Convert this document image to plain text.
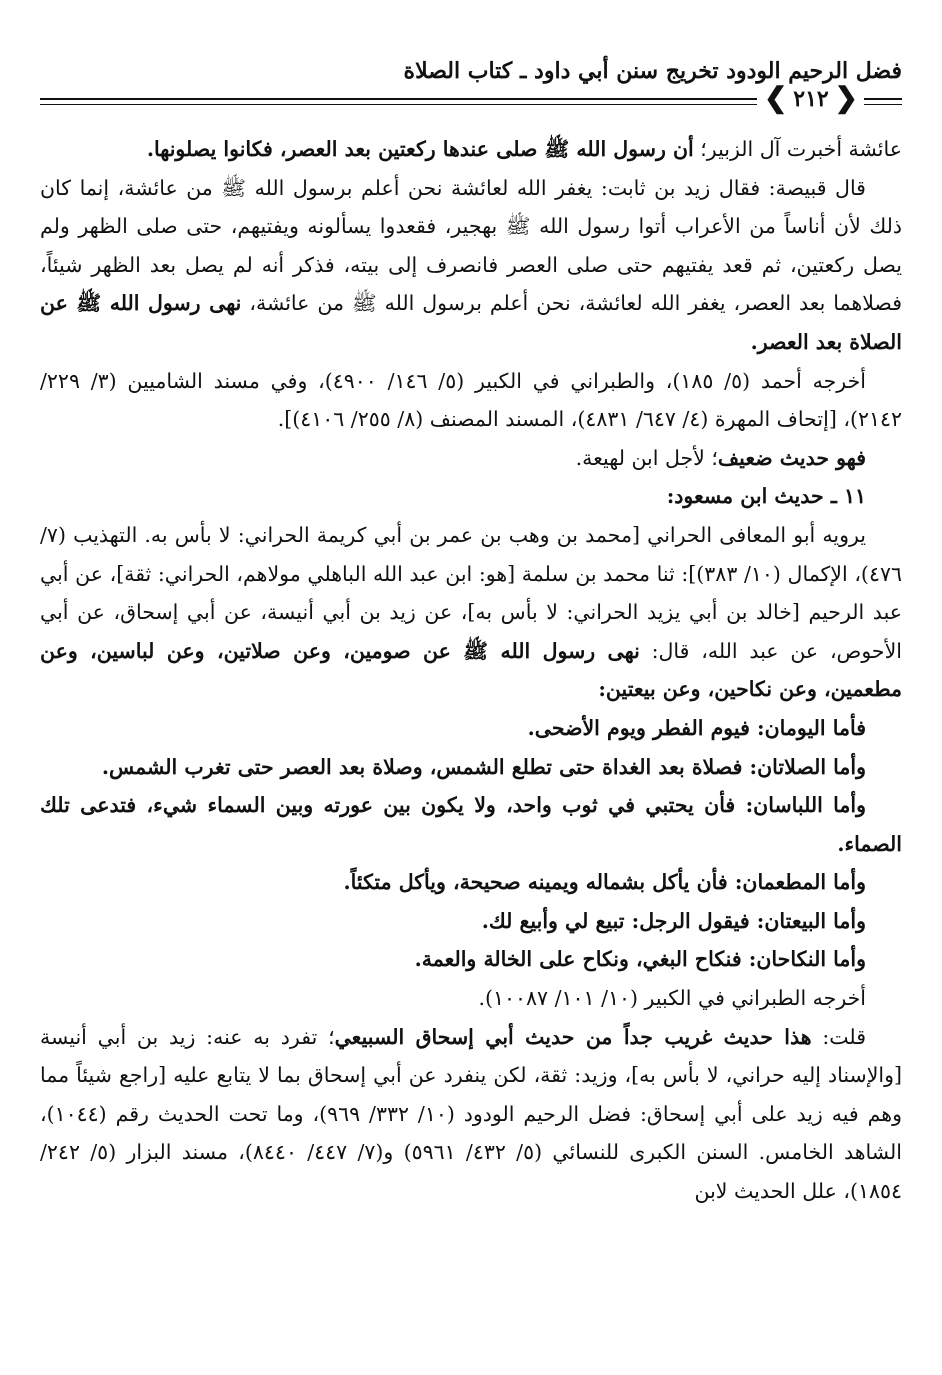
فضل الرحيم الودود تخريج سنن أبي داود ـ كتاب الصلاة
❮
٢١٢
❯

عائشة أخبرت آل الزبير؛ أن رسول الله ﷺ صلى عندها ركعتين بعد العصر، فكانوا يصلونها.

قال قبيصة: فقال زيد بن ثابت: يغفر الله لعائشة نحن أعلم برسول الله ﷺ من عائشة، إنما كان ذلك لأن أناساً من الأعراب أتوا رسول الله ﷺ بهجير، فقعدوا يسألونه ويفتيهم، حتى صلى الظهر ولم يصل ركعتين، ثم قعد يفتيهم حتى صلى العصر فانصرف إلى بيته، فذكر أنه لم يصل بعد الظهر شيئاً، فصلاهما بعد العصر، يغفر الله لعائشة، نحن أعلم برسول الله ﷺ من عائشة، نهى رسول الله ﷺ عن الصلاة بعد العصر.

أخرجه أحمد (٥/ ١٨٥)، والطبراني في الكبير (٥/ ١٤٦/ ٤٩٠٠)، وفي مسند الشاميين (٣/ ٢٢٩/ ٢١٤٢)، [إتحاف المهرة (٤/ ٦٤٧/ ٤٨٣١)، المسند المصنف (٨/ ٢٥٥/ ٤١٠٦)].

فهو حديث ضعيف؛ لأجل ابن لهيعة.

١١ ـ حديث ابن مسعود:

يرويه أبو المعافى الحراني [محمد بن وهب بن عمر بن أبي كريمة الحراني: لا بأس به. التهذيب (٧/ ٤٧٦)، الإكمال (١٠/ ٣٨٣)]: ثنا محمد بن سلمة [هو: ابن عبد الله الباهلي مولاهم، الحراني: ثقة]، عن أبي عبد الرحيم [خالد بن أبي يزيد الحراني: لا بأس به]، عن زيد بن أبي أنيسة، عن أبي إسحاق، عن أبي الأحوص، عن عبد الله، قال: نهى رسول الله ﷺ عن صومين، وعن صلاتين، وعن لباسين، وعن مطعمين، وعن نكاحين، وعن بيعتين:

فأما اليومان: فيوم الفطر ويوم الأضحى.

وأما الصلاتان: فصلاة بعد الغداة حتى تطلع الشمس، وصلاة بعد العصر حتى تغرب الشمس.

وأما اللباسان: فأن يحتبي في ثوب واحد، ولا يكون بين عورته وبين السماء شيء، فتدعى تلك الصماء.

وأما المطعمان: فأن يأكل بشماله ويمينه صحيحة، ويأكل متكئاً.

وأما البيعتان: فيقول الرجل: تبيع لي وأبيع لك.

وأما النكاحان: فنكاح البغي، ونكاح على الخالة والعمة.

أخرجه الطبراني في الكبير (١٠/ ١٠١/ ١٠٠٨٧).

قلت: هذا حديث غريب جداً من حديث أبي إسحاق السبيعي؛ تفرد به عنه: زيد بن أبي أنيسة [والإسناد إليه حراني، لا بأس به]، وزيد: ثقة، لكن ينفرد عن أبي إسحاق بما لا يتابع عليه [راجع شيئاً مما وهم فيه زيد على أبي إسحاق: فضل الرحيم الودود (١٠/ ٣٣٢/ ٩٦٩)، وما تحت الحديث رقم (١٠٤٤)، الشاهد الخامس. السنن الكبرى للنسائي (٥/ ٤٣٢/ ٥٩٦١) و(٧/ ٤٤٧/ ٨٤٤٠)، مسند البزار (٥/ ٢٤٢/ ١٨٥٤)، علل الحديث لابن
